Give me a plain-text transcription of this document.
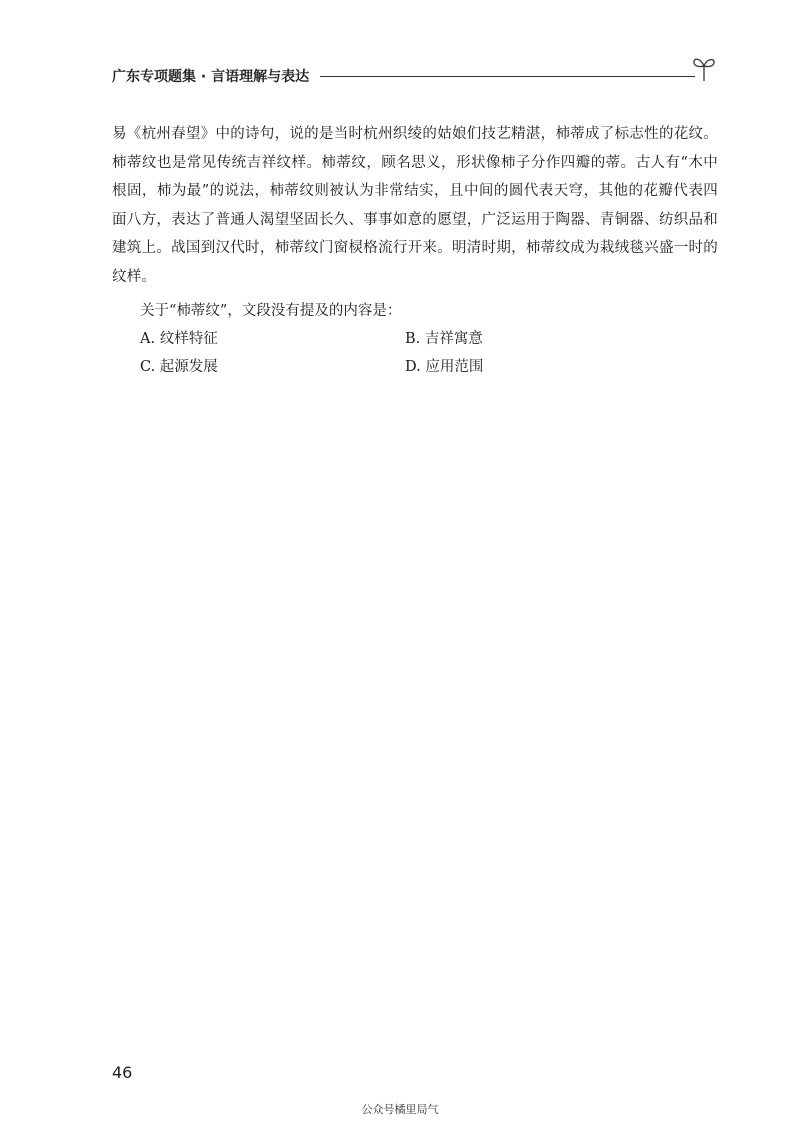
广东专项题集 · 言语理解与表达
易《杭州春望》中的诗句，说的是当时杭州织绫的姑娘们技艺精湛，柿蒂成了标志性的花纹。柿蒂纹也是常见传统吉祥纹样。柿蒂纹，顾名思义，形状像柿子分作四瓣的蒂。古人有“木中根固，柿为最”的说法，柿蒂纹则被认为非常结实，且中间的圆代表天穹，其他的花瓣代表四面八方，表达了普通人渴望坚固长久、事事如意的愿望，广泛运用于陶器、青铜器、纺织品和建筑上。战国到汉代时，柿蒂纹门窗棂格流行开来。明清时期，柿蒂纹成为栽绒毯兴盛一时的纹样。
关于“柿蒂纹”，文段没有提及的内容是：
A. 纹样特征	B. 吉祥寓意
C. 起源发展	D. 应用范围
46
公众号橘里局气
